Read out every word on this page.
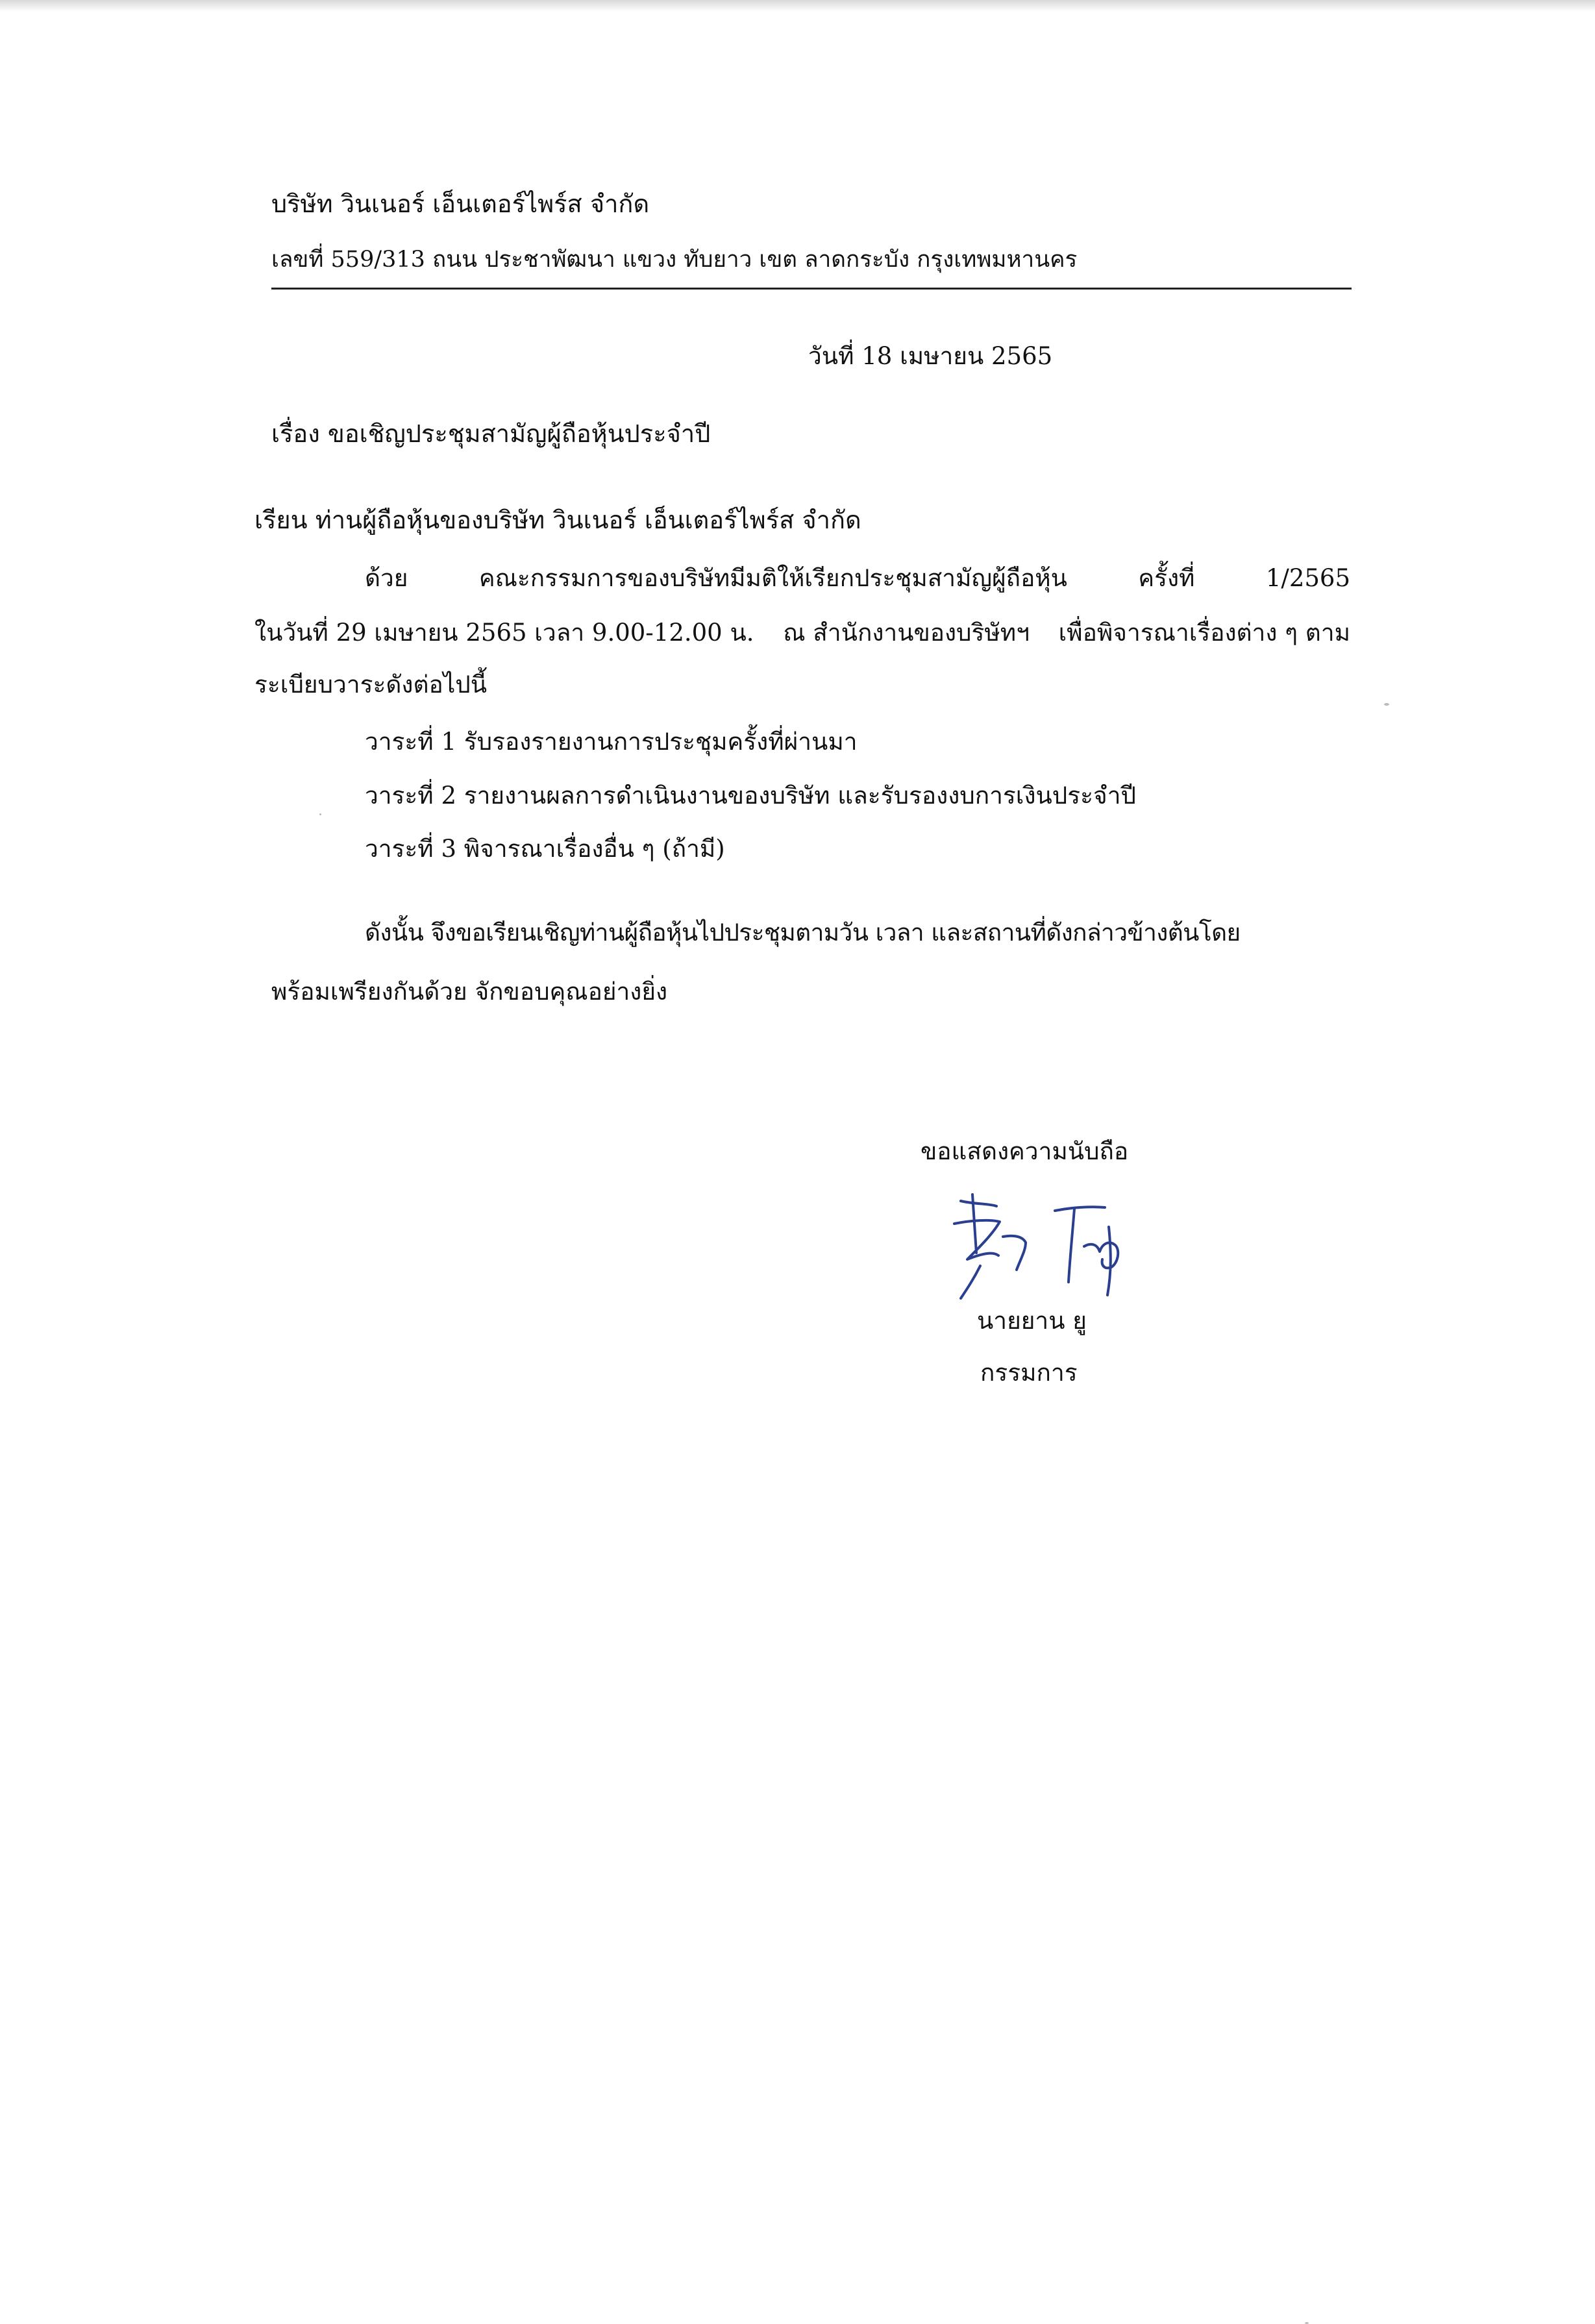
บริษัท วินเนอร์ เอ็นเตอร์ไพร์ส จำกัด
เลขที่ 559/313 ถนน ประชาพัฒนา แขวง ทับยาว เขต ลาดกระบัง กรุงเทพมหานคร
วันที่ 18 เมษายน 2565
เรื่อง ขอเชิญประชุมสามัญผู้ถือหุ้นประจำปี
เรียน ท่านผู้ถือหุ้นของบริษัท วินเนอร์ เอ็นเตอร์ไพร์ส จำกัด
ด้วย	คณะกรรมการของบริษัทมีมติให้เรียกประชุมสามัญผู้ถือหุ้น	ครั้งที่	1/2565
ในวันที่ 29 เมษายน 2565 เวลา 9.00-12.00 น. ณ สำนักงานของบริษัทฯ เพื่อพิจารณาเรื่องต่าง ๆ ตาม
ระเบียบวาระดังต่อไปนี้
วาระที่ 1 รับรองรายงานการประชุมครั้งที่ผ่านมา
วาระที่ 2 รายงานผลการดำเนินงานของบริษัท และรับรองงบการเงินประจำปี
วาระที่ 3 พิจารณาเรื่องอื่น ๆ (ถ้ามี)
ดังนั้น จึงขอเรียนเชิญท่านผู้ถือหุ้นไปประชุมตามวัน เวลา และสถานที่ดังกล่าวข้างต้นโดย
พร้อมเพรียงกันด้วย จักขอบคุณอย่างยิ่ง
ขอแสดงความนับถือ
นายยาน ยู
กรรมการ
